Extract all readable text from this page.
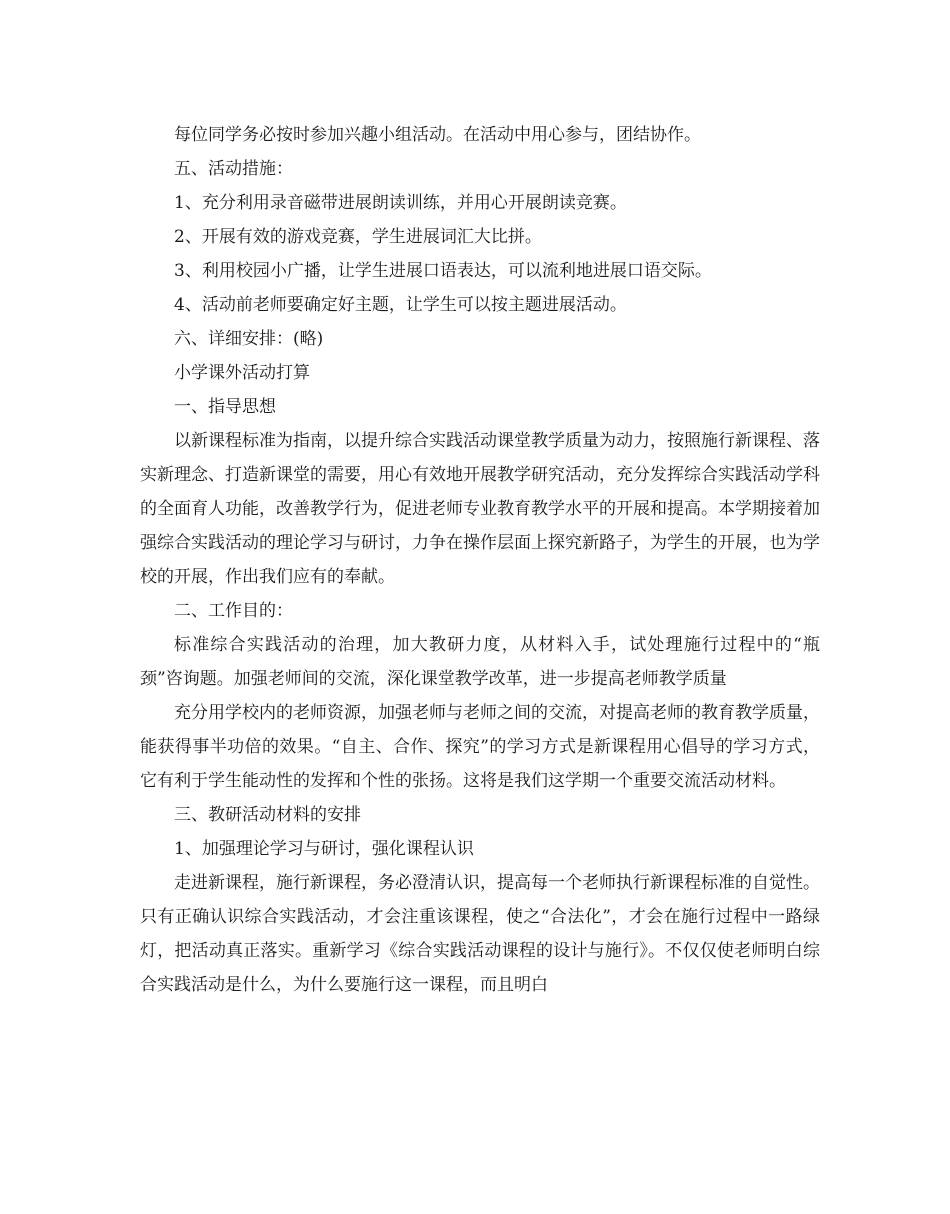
每位同学务必按时参加兴趣小组活动。在活动中用心参与，团结协作。

五、活动措施：

1、充分利用录音磁带进展朗读训练，并用心开展朗读竞赛。

2、开展有效的游戏竞赛，学生进展词汇大比拼。

3、利用校园小广播，让学生进展口语表达，可以流利地进展口语交际。

4、活动前老师要确定好主题，让学生可以按主题进展活动。

六、详细安排：(略)

小学课外活动打算

一、指导思想

以新课程标准为指南，以提升综合实践活动课堂教学质量为动力，按照施行新课程、落实新理念、打造新课堂的需要，用心有效地开展教学研究活动，充分发挥综合实践活动学科的全面育人功能，改善教学行为，促进老师专业教育教学水平的开展和提高。本学期接着加强综合实践活动的理论学习与研讨，力争在操作层面上探究新路子，为学生的开展，也为学校的开展，作出我们应有的奉献。

二、工作目的：

标准综合实践活动的治理，加大教研力度，从材料入手，试处理施行过程中的“瓶颈”咨询题。加强老师间的交流，深化课堂教学改革，进一步提高老师教学质量

充分用学校内的老师资源，加强老师与老师之间的交流，对提高老师的教育教学质量，能获得事半功倍的效果。“自主、合作、探究”的学习方式是新课程用心倡导的学习方式，它有利于学生能动性的发挥和个性的张扬。这将是我们这学期一个重要交流活动材料。

三、教研活动材料的安排

1、加强理论学习与研讨，强化课程认识

走进新课程，施行新课程，务必澄清认识，提高每一个老师执行新课程标准的自觉性。只有正确认识综合实践活动，才会注重该课程，使之“合法化”，才会在施行过程中一路绿灯，把活动真正落实。重新学习《综合实践活动课程的设计与施行》。不仅仅使老师明白综合实践活动是什么，为什么要施行这一课程，而且明白
